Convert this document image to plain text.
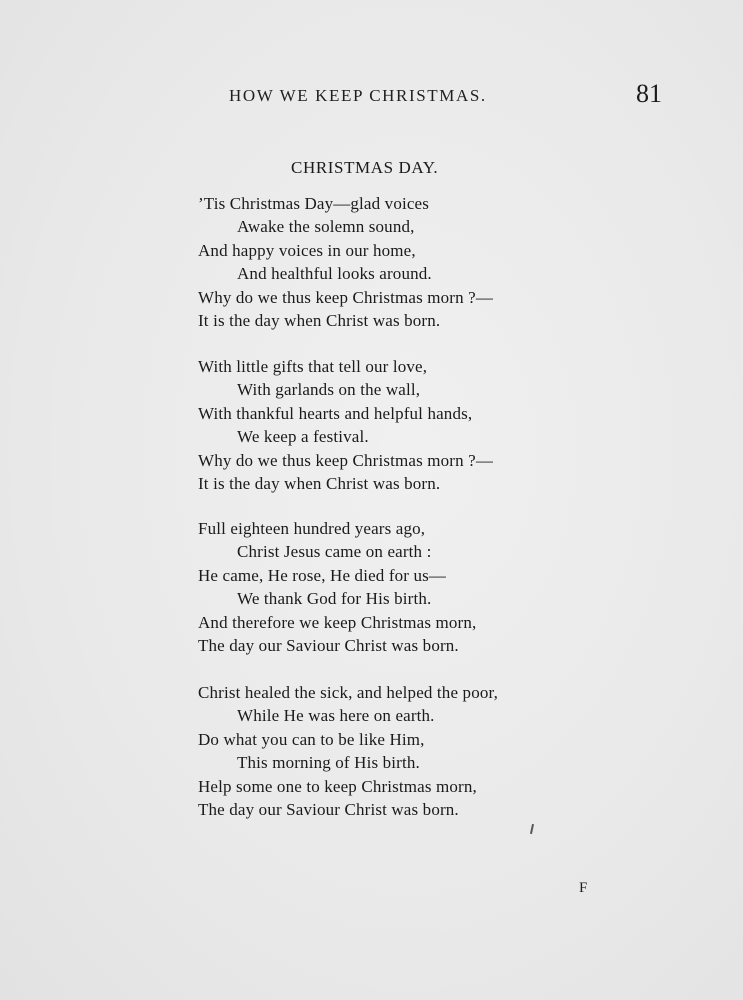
HOW WE KEEP CHRISTMAS.	81
CHRISTMAS DAY.
’Tis Christmas Day—glad voices
Awake the solemn sound,
And happy voices in our home,
And healthful looks around.
Why do we thus keep Christmas morn ?—
It is the day when Christ was born.
With little gifts that tell our love,
With garlands on the wall,
With thankful hearts and helpful hands,
We keep a festival.
Why do we thus keep Christmas morn ?—
It is the day when Christ was born.
Full eighteen hundred years ago,
Christ Jesus came on earth :
He came, He rose, He died for us—
We thank God for His birth.
And therefore we keep Christmas morn,
The day our Saviour Christ was born.
Christ healed the sick, and helped the poor,
While He was here on earth.
Do what you can to be like Him,
This morning of His birth.
Help some one to keep Christmas morn,
The day our Saviour Christ was born.
F
